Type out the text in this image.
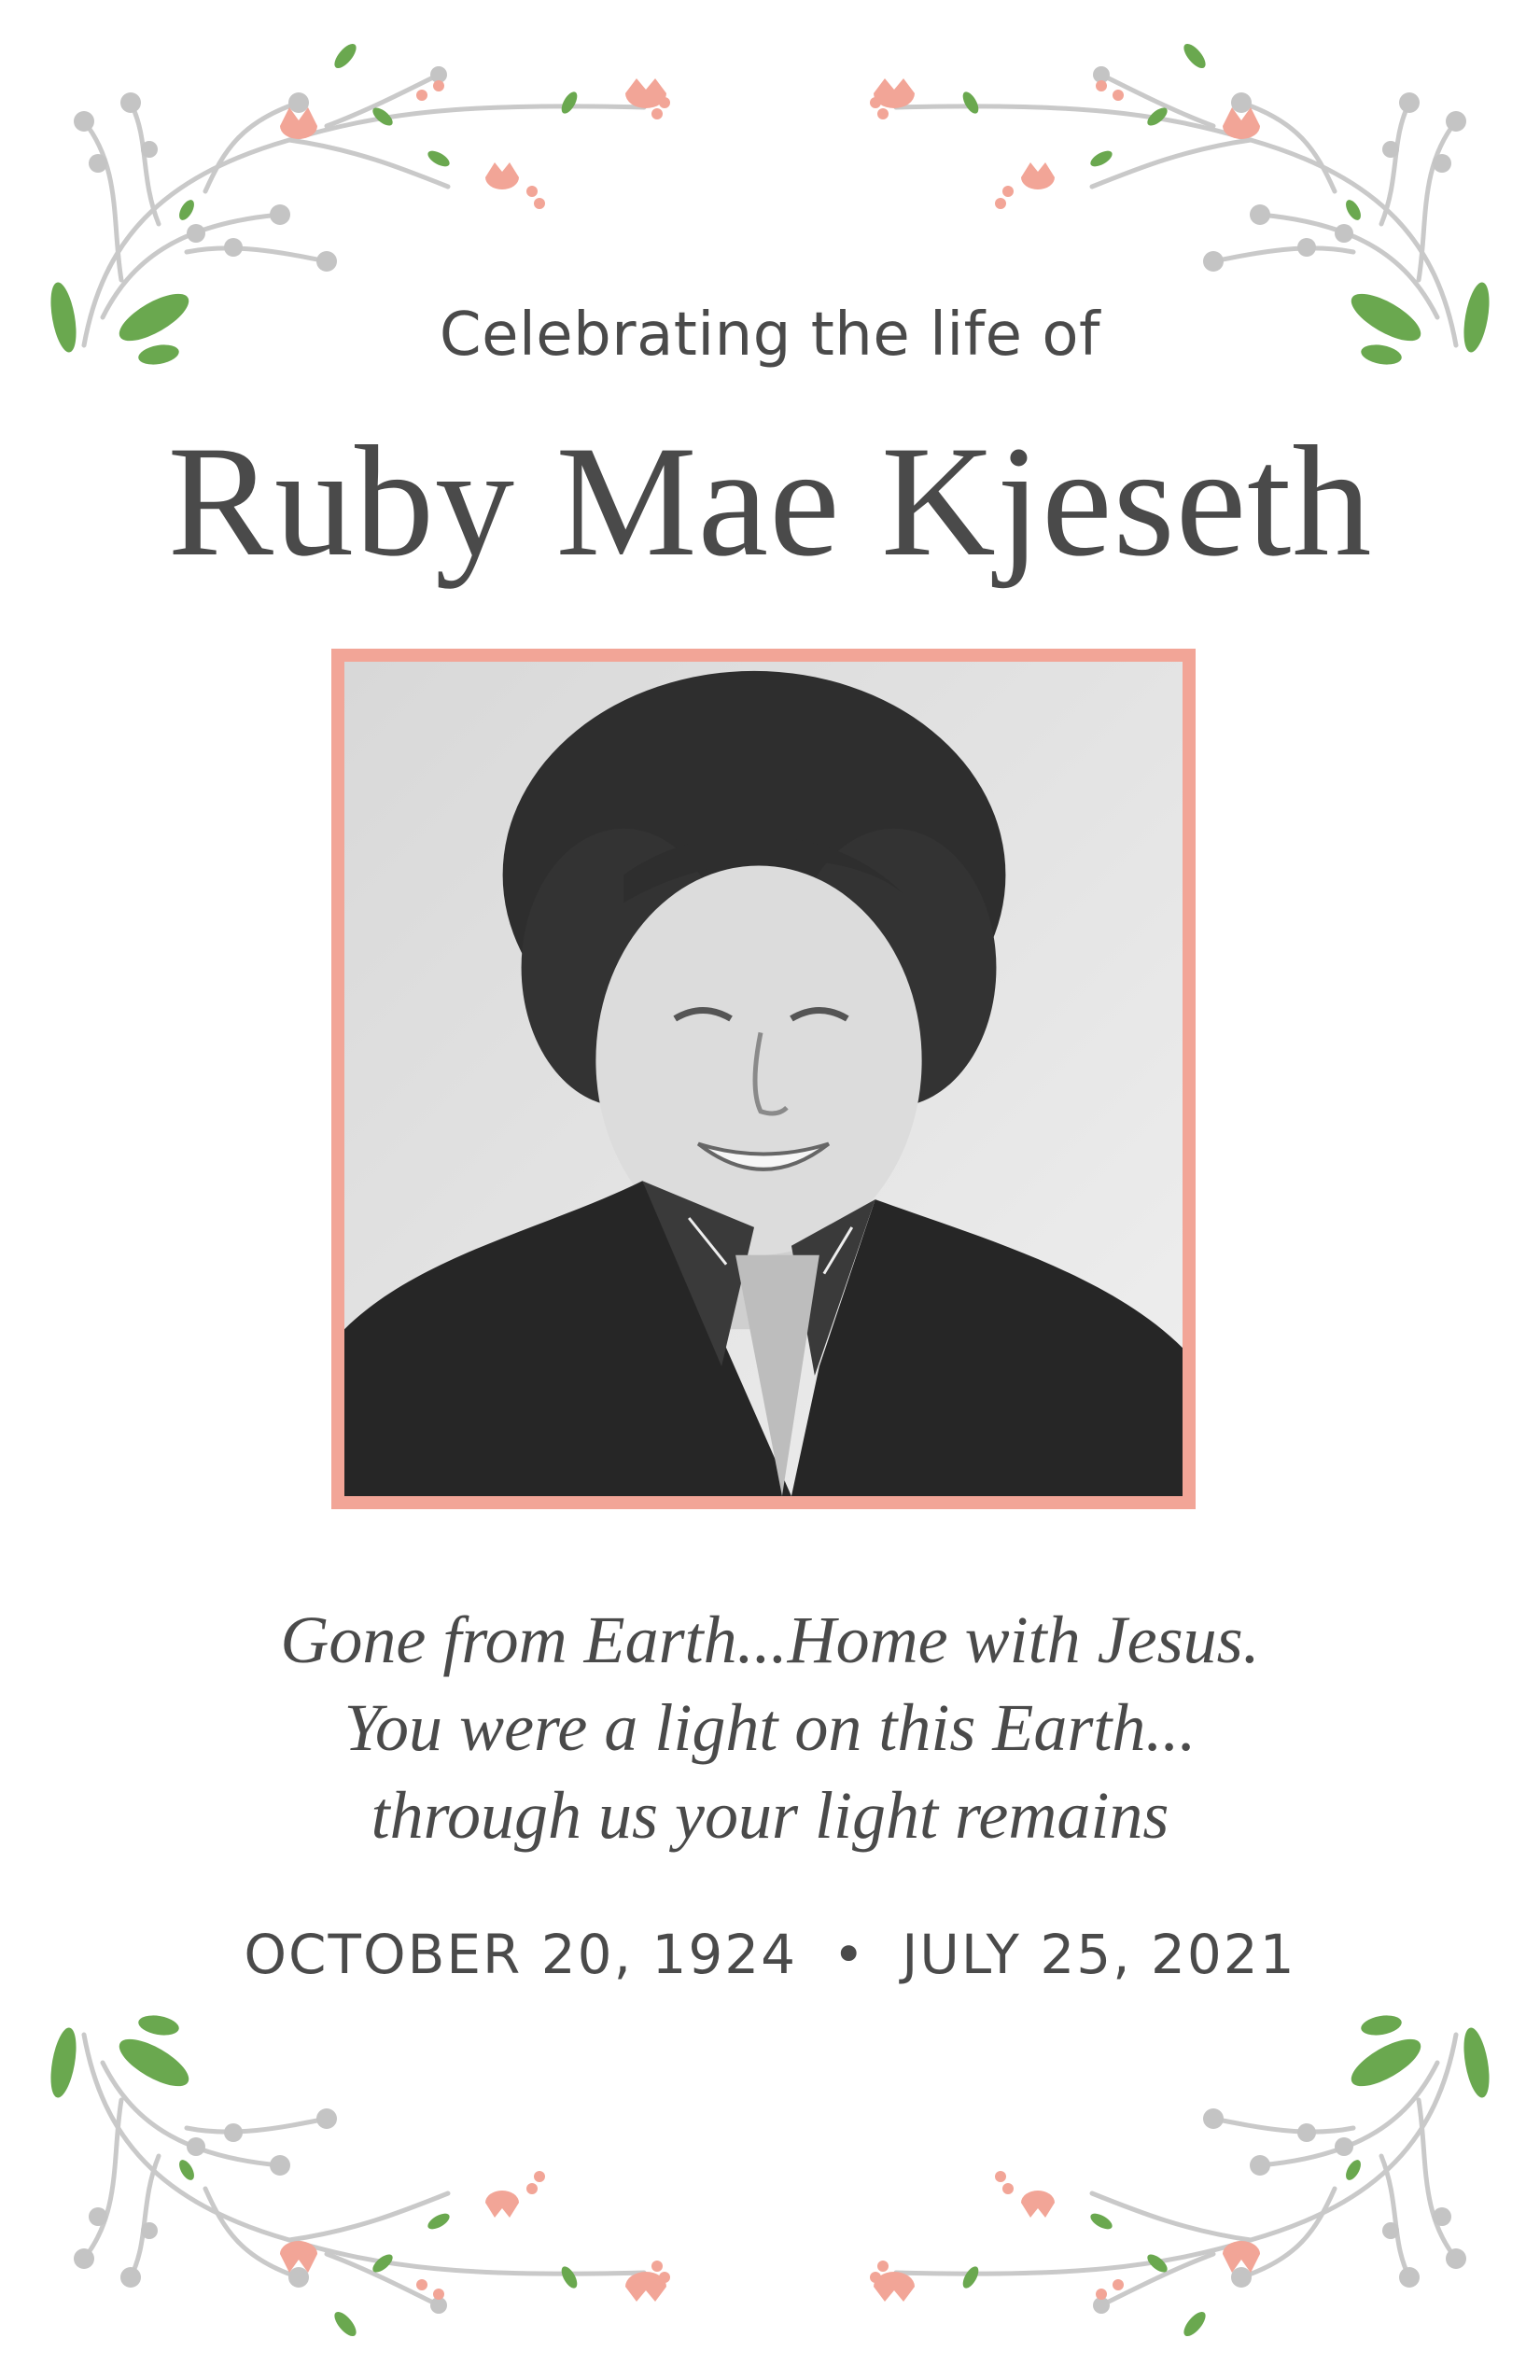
Celebrating the life of
Ruby Mae Kjeseth
Gone from Earth...Home with Jesus.
You were a light on this Earth...
through us your light remains
OCTOBER 20, 1924 • JULY 25, 2021
